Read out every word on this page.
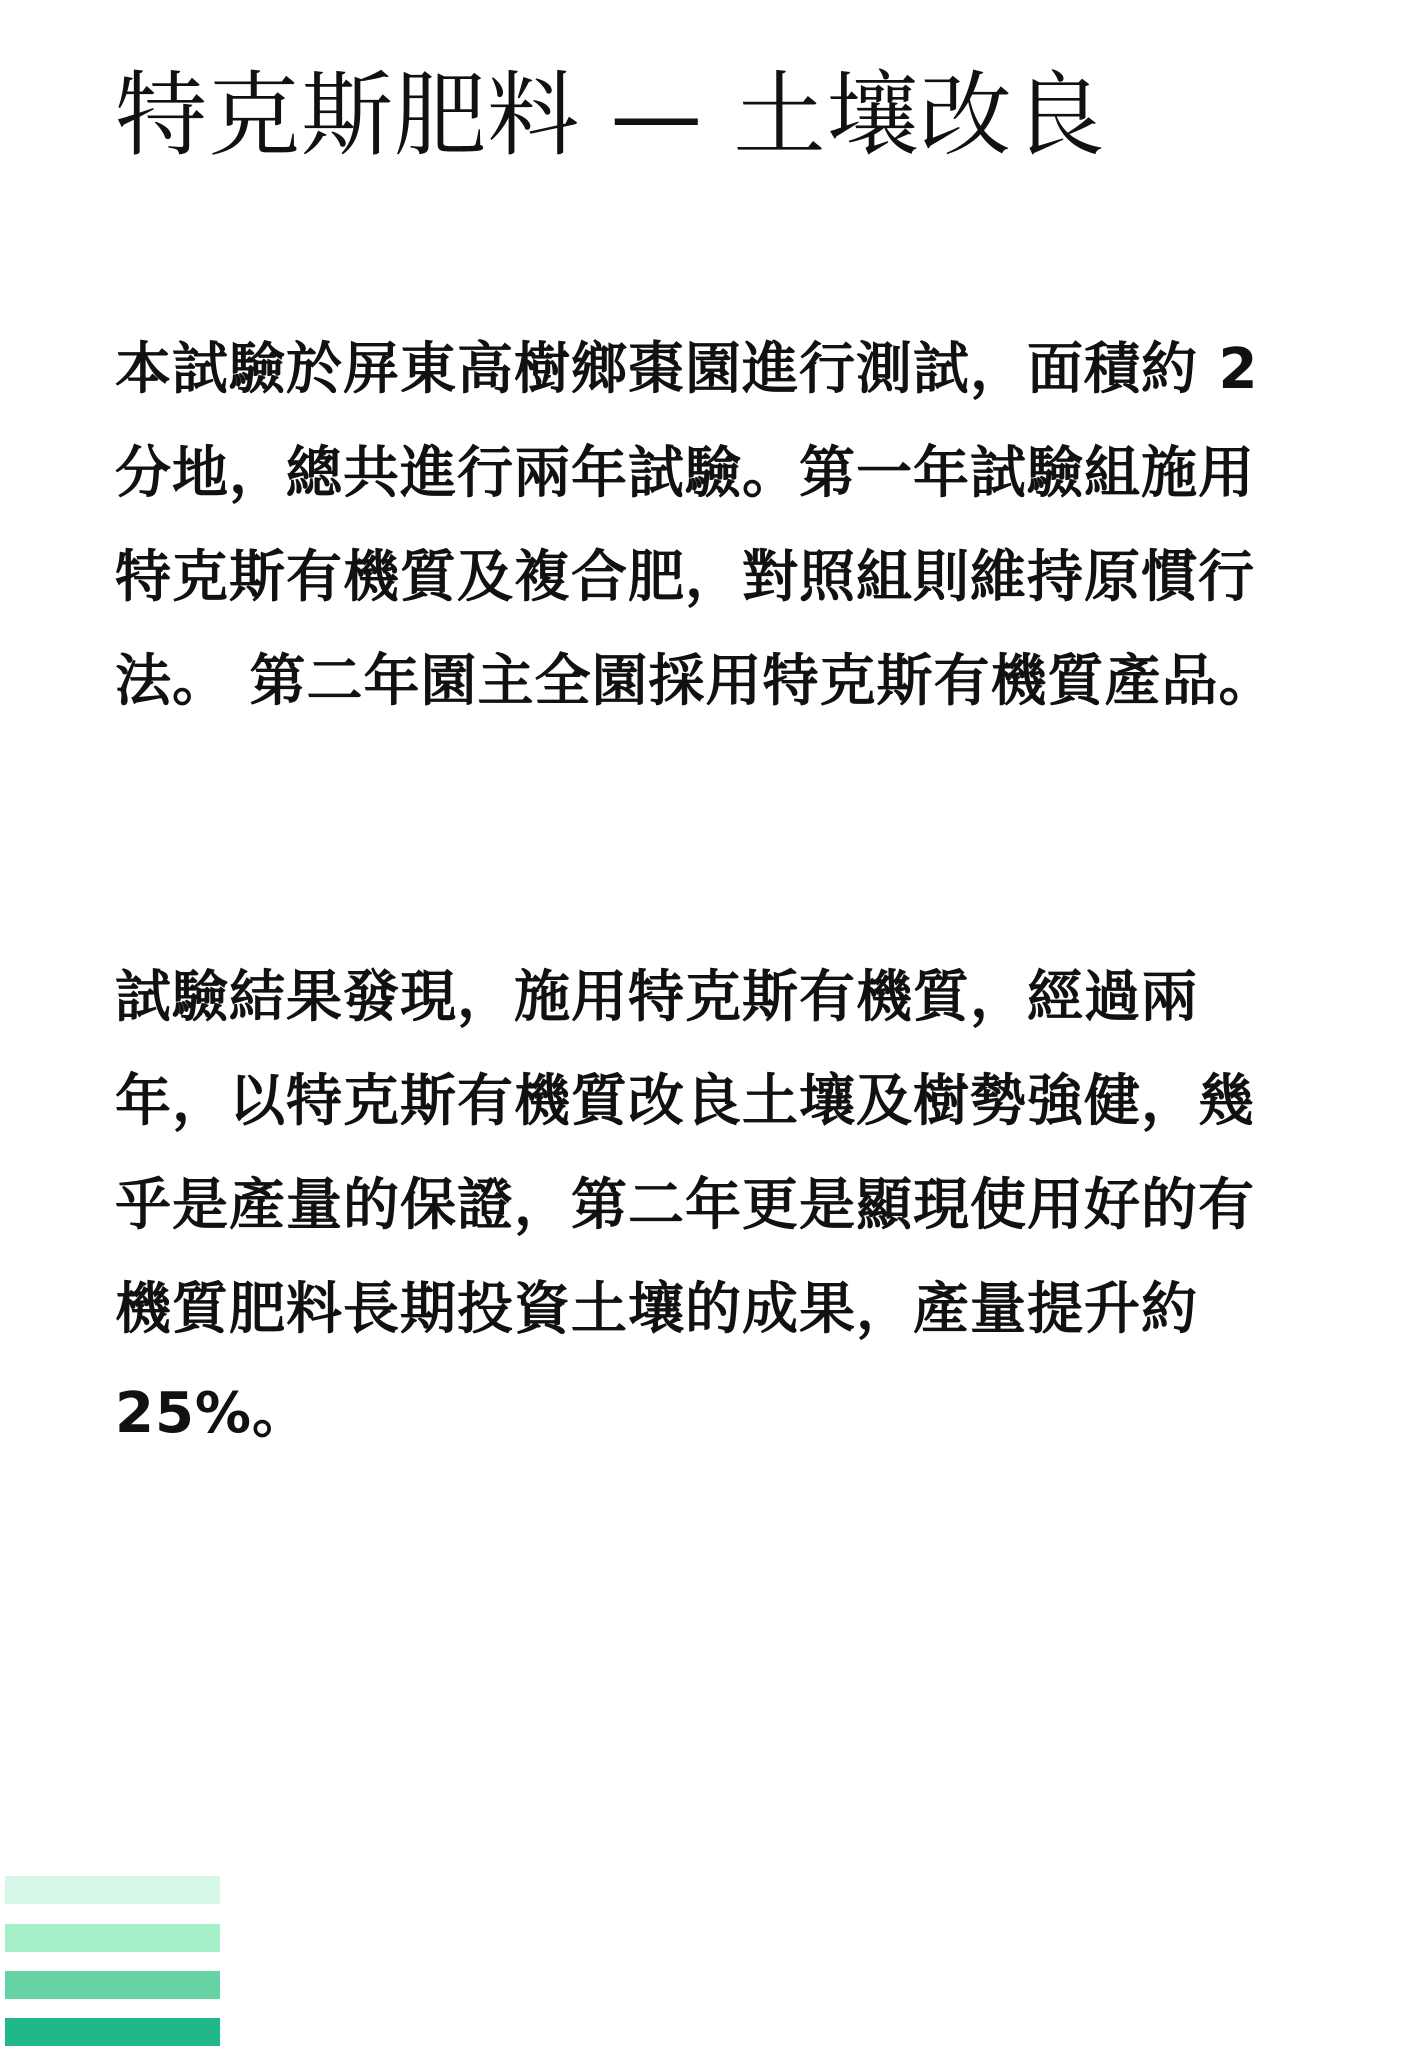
特克斯肥料 — 土壤改良

本試驗於屏東高樹鄉棗園進行測試，面積約 2 分地，總共進行兩年試驗。第一年試驗組施用特克斯有機質及複合肥，對照組則維持原慣行法。 第二年園主全園採用特克斯有機質產品。

試驗結果發現，施用特克斯有機質，經過兩年，以特克斯有機質改良土壤及樹勢強健，幾乎是產量的保證，第二年更是顯現使用好的有機質肥料長期投資土壤的成果，產量提升約 25%。
